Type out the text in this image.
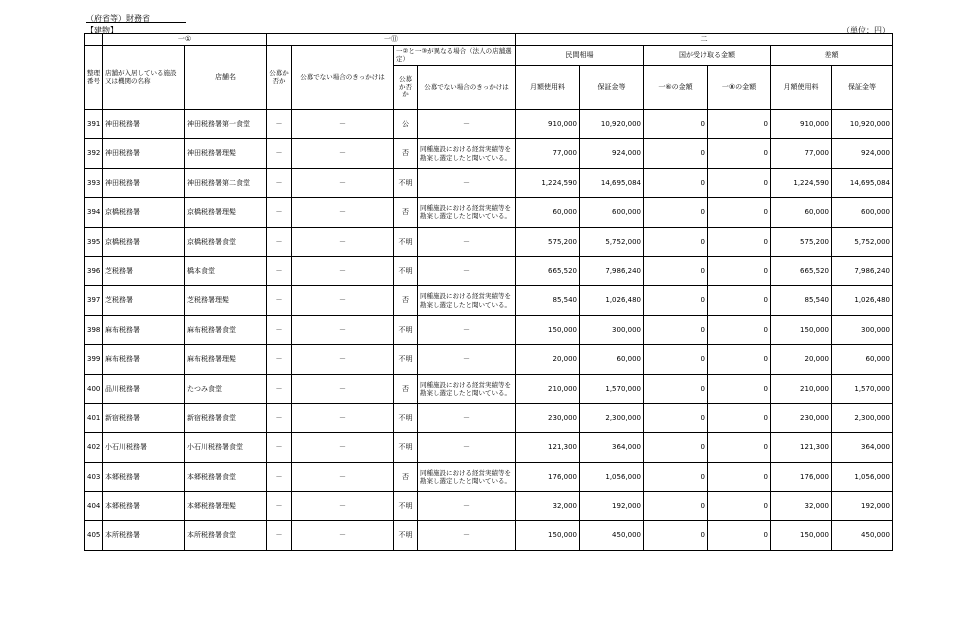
（府省等）財務省
【建物】	（単位：円）
	一①		一⑪				二					
整理番号	店舗が入居している施設又は機関の名称	店舗名	公募か否か	公募でない場合のきっかけは	一②と一③が異なる場合（法人の店舗選定）		民間相場		国が受け取る金額		差額	
					公募か否か	公募でない場合のきっかけは	月額使用料	保証金等	一⑥の金額	一⑧の金額	月額使用料	保証金等
391	神田税務署	神田税務署第一食堂	－	－	公	－	910,000	10,920,000	0	0	910,000	10,920,000
392	神田税務署	神田税務署理髪	－	－	否	同種施設における経営実績等を勘案し選定したと聞いている。	77,000	924,000	0	0	77,000	924,000
393	神田税務署	神田税務署第二食堂	－	－	不明	－	1,224,590	14,695,084	0	0	1,224,590	14,695,084
394	京橋税務署	京橋税務署理髪	－	－	否	同種施設における経営実績等を勘案し選定したと聞いている。	60,000	600,000	0	0	60,000	600,000
395	京橋税務署	京橋税務署食堂	－	－	不明	－	575,200	5,752,000	0	0	575,200	5,752,000
396	芝税務署	橋本食堂	－	－	不明	－	665,520	7,986,240	0	0	665,520	7,986,240
397	芝税務署	芝税務署理髪	－	－	否	同種施設における経営実績等を勘案し選定したと聞いている。	85,540	1,026,480	0	0	85,540	1,026,480
398	麻布税務署	麻布税務署食堂	－	－	不明	－	150,000	300,000	0	0	150,000	300,000
399	麻布税務署	麻布税務署理髪	－	－	不明	－	20,000	60,000	0	0	20,000	60,000
400	品川税務署	たつみ食堂	－	－	否	同種施設における経営実績等を勘案し選定したと聞いている。	210,000	1,570,000	0	0	210,000	1,570,000
401	新宿税務署	新宿税務署食堂	－	－	不明	－	230,000	2,300,000	0	0	230,000	2,300,000
402	小石川税務署	小石川税務署食堂	－	－	不明	－	121,300	364,000	0	0	121,300	364,000
403	本郷税務署	本郷税務署食堂	－	－	否	同種施設における経営実績等を勘案し選定したと聞いている。	176,000	1,056,000	0	0	176,000	1,056,000
404	本郷税務署	本郷税務署理髪	－	－	不明	－	32,000	192,000	0	0	32,000	192,000
405	本所税務署	本所税務署食堂	－	－	不明	－	150,000	450,000	0	0	150,000	450,000
